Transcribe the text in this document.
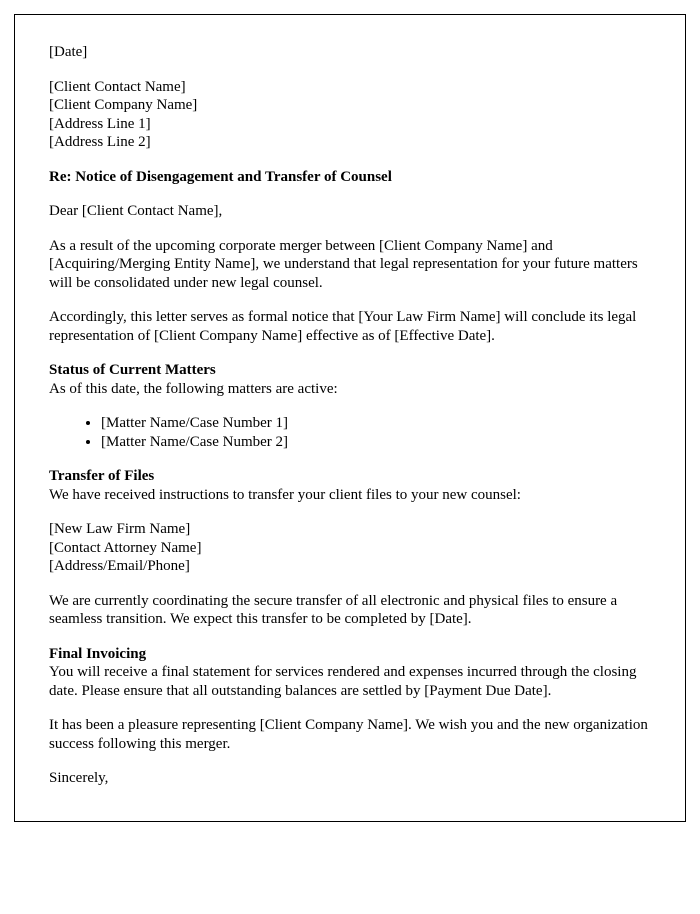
[Date]

[Client Contact Name]

[Client Company Name]

[Address Line 1]

[Address Line 2]

Re: Notice of Disengagement and Transfer of Counsel

Dear [Client Contact Name],

As a result of the upcoming corporate merger between [Client Company Name] and [Acquiring/Merging Entity Name], we understand that legal representation for your future matters will be consolidated under new legal counsel.

Accordingly, this letter serves as formal notice that [Your Law Firm Name] will conclude its legal representation of [Client Company Name] effective as of [Effective Date].

Status of Current Matters

As of this date, the following matters are active:

• [Matter Name/Case Number 1]
• [Matter Name/Case Number 2]
Transfer of Files

We have received instructions to transfer your client files to your new counsel:

[New Law Firm Name]

[Contact Attorney Name]

[Address/Email/Phone]

We are currently coordinating the secure transfer of all electronic and physical files to ensure a seamless transition. We expect this transfer to be completed by [Date].

Final Invoicing

You will receive a final statement for services rendered and expenses incurred through the closing date. Please ensure that all outstanding balances are settled by [Payment Due Date].

It has been a pleasure representing [Client Company Name]. We wish you and the new organization success following this merger.

Sincerely,
